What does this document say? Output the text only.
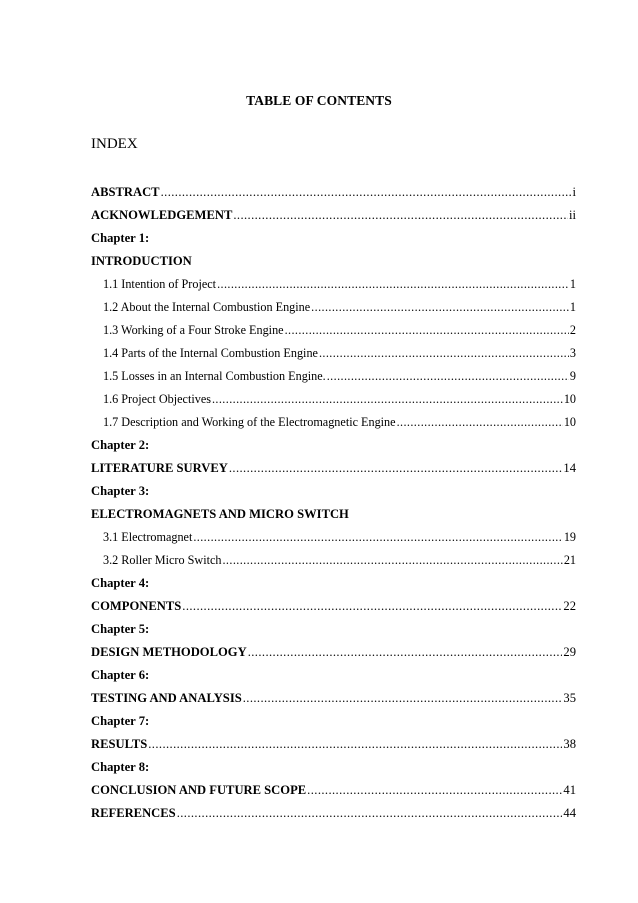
TABLE OF CONTENTS
INDEX
ABSTRACT .....	i
ACKNOWLEDGEMENT .....	ii
Chapter 1:
INTRODUCTION
1.1 Intention of Project .....	1
1.2 About the Internal Combustion Engine .....	1
1.3 Working of a Four Stroke Engine .....	2
1.4 Parts of the Internal Combustion Engine .....	3
1.5 Losses in an Internal Combustion Engine. .....	9
1.6 Project Objectives .....	10
1.7 Description and Working of the Electromagnetic Engine .....	10
Chapter 2:
LITERATURE SURVEY .....	14
Chapter 3:
ELECTROMAGNETS AND MICRO SWITCH
3.1 Electromagnet .....	19
3.2 Roller Micro Switch .....	21
Chapter 4:
COMPONENTS .....	22
Chapter 5:
DESIGN METHODOLOGY .....	29
Chapter 6:
TESTING AND ANALYSIS .....	35
Chapter 7:
RESULTS .....	38
Chapter 8:
CONCLUSION AND FUTURE SCOPE .....	41
REFERENCES .....	44
